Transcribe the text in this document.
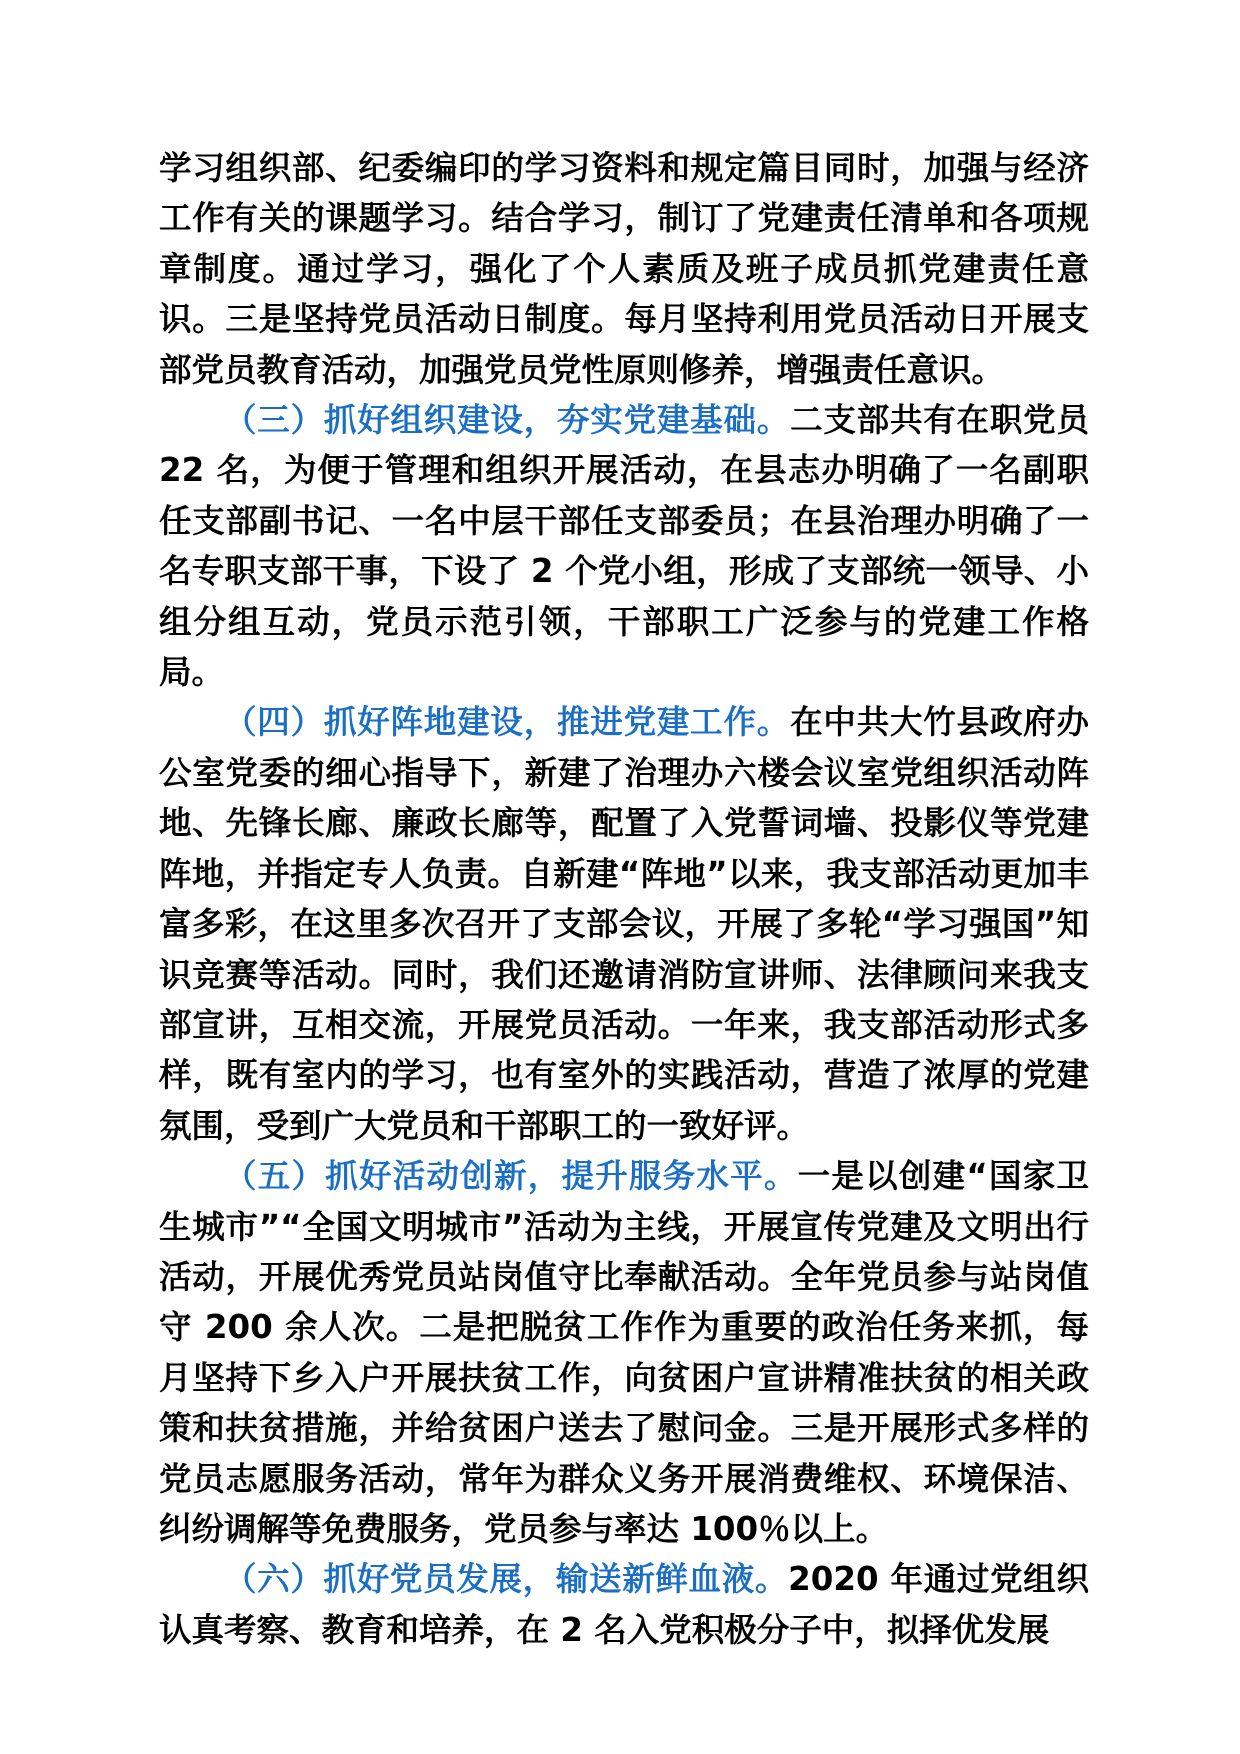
学习组织部、纪委编印的学习资料和规定篇目同时，加强与经济工作有关的课题学习。结合学习，制订了党建责任清单和各项规章制度。通过学习，强化了个人素质及班子成员抓党建责任意识。三是坚持党员活动日制度。每月坚持利用党员活动日开展支部党员教育活动，加强党员党性原则修养，增强责任意识。

（三）抓好组织建设，夯实党建基础。二支部共有在职党员 22 名，为便于管理和组织开展活动，在县志办明确了一名副职任支部副书记、一名中层干部任支部委员；在县治理办明确了一名专职支部干事，下设了 2 个党小组，形成了支部统一领导、小组分组互动，党员示范引领，干部职工广泛参与的党建工作格局。

（四）抓好阵地建设，推进党建工作。在中共大竹县政府办公室党委的细心指导下，新建了治理办六楼会议室党组织活动阵地、先锋长廊、廉政长廊等，配置了入党誓词墙、投影仪等党建阵地，并指定专人负责。自新建“阵地”以来，我支部活动更加丰富多彩，在这里多次召开了支部会议，开展了多轮“学习强国”知识竞赛等活动。同时，我们还邀请消防宣讲师、法律顾问来我支部宣讲，互相交流，开展党员活动。一年来，我支部活动形式多样，既有室内的学习，也有室外的实践活动，营造了浓厚的党建氛围，受到广大党员和干部职工的一致好评。

（五）抓好活动创新，提升服务水平。一是以创建“国家卫生城市”“全国文明城市”活动为主线，开展宣传党建及文明出行活动，开展优秀党员站岗值守比奉献活动。全年党员参与站岗值守 200 余人次。二是把脱贫工作作为重要的政治任务来抓，每月坚持下乡入户开展扶贫工作，向贫困户宣讲精准扶贫的相关政策和扶贫措施，并给贫困户送去了慰问金。三是开展形式多样的党员志愿服务活动，常年为群众义务开展消费维权、环境保洁、纠纷调解等免费服务，党员参与率达 100％以上。

（六）抓好党员发展，输送新鲜血液。2020 年通过党组织认真考察、教育和培养，在 2 名入党积极分子中，拟择优发展
